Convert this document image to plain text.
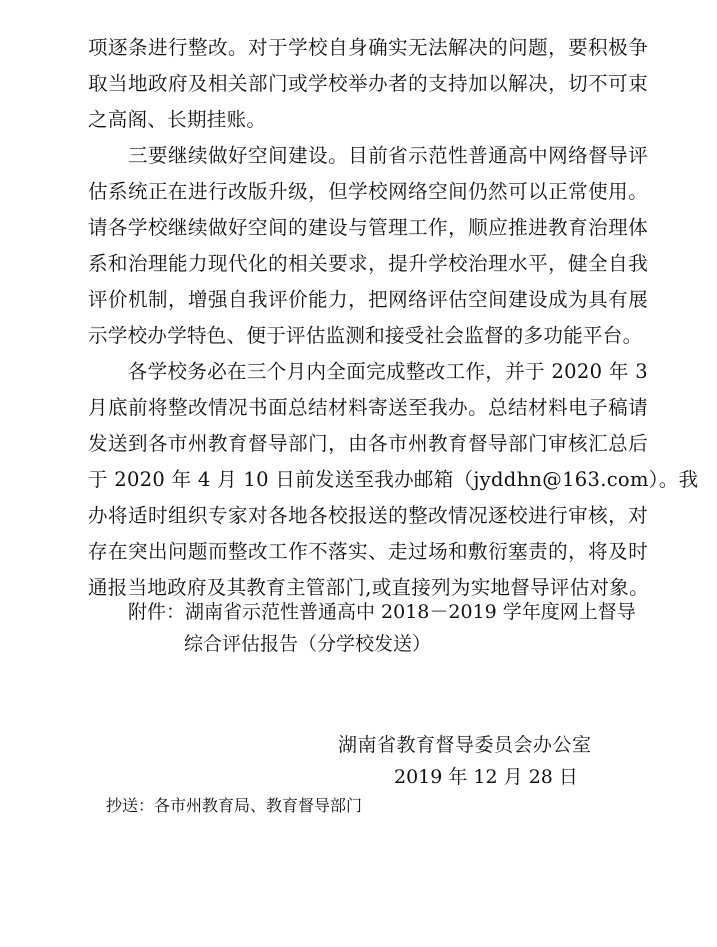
项逐条进行整改。对于学校自身确实无法解决的问题，要积极争
取当地政府及相关部门或学校举办者的支持加以解决，切不可束
之高阁、长期挂账。
　　三要继续做好空间建设。目前省示范性普通高中网络督导评
估系统正在进行改版升级，但学校网络空间仍然可以正常使用。
请各学校继续做好空间的建设与管理工作，顺应推进教育治理体
系和治理能力现代化的相关要求，提升学校治理水平，健全自我
评价机制，增强自我评价能力，把网络评估空间建设成为具有展
示学校办学特色、便于评估监测和接受社会监督的多功能平台。
　　各学校务必在三个月内全面完成整改工作，并于 2020 年 3
月底前将整改情况书面总结材料寄送至我办。总结材料电子稿请
发送到各市州教育督导部门，由各市州教育督导部门审核汇总后
于 2020 年 4 月 10 日前发送至我办邮箱（jyddhn@163.com）。我
办将适时组织专家对各地各校报送的整改情况逐校进行审核，对
存在突出问题而整改工作不落实、走过场和敷衍塞责的，将及时
通报当地政府及其教育主管部门,或直接列为实地督导评估对象。
附件：湖南省示范性普通高中 2018－2019 学年度网上督导
综合评估报告（分学校发送）
湖南省教育督导委员会办公室
2019 年 12 月 28 日
抄送：各市州教育局、教育督导部门
